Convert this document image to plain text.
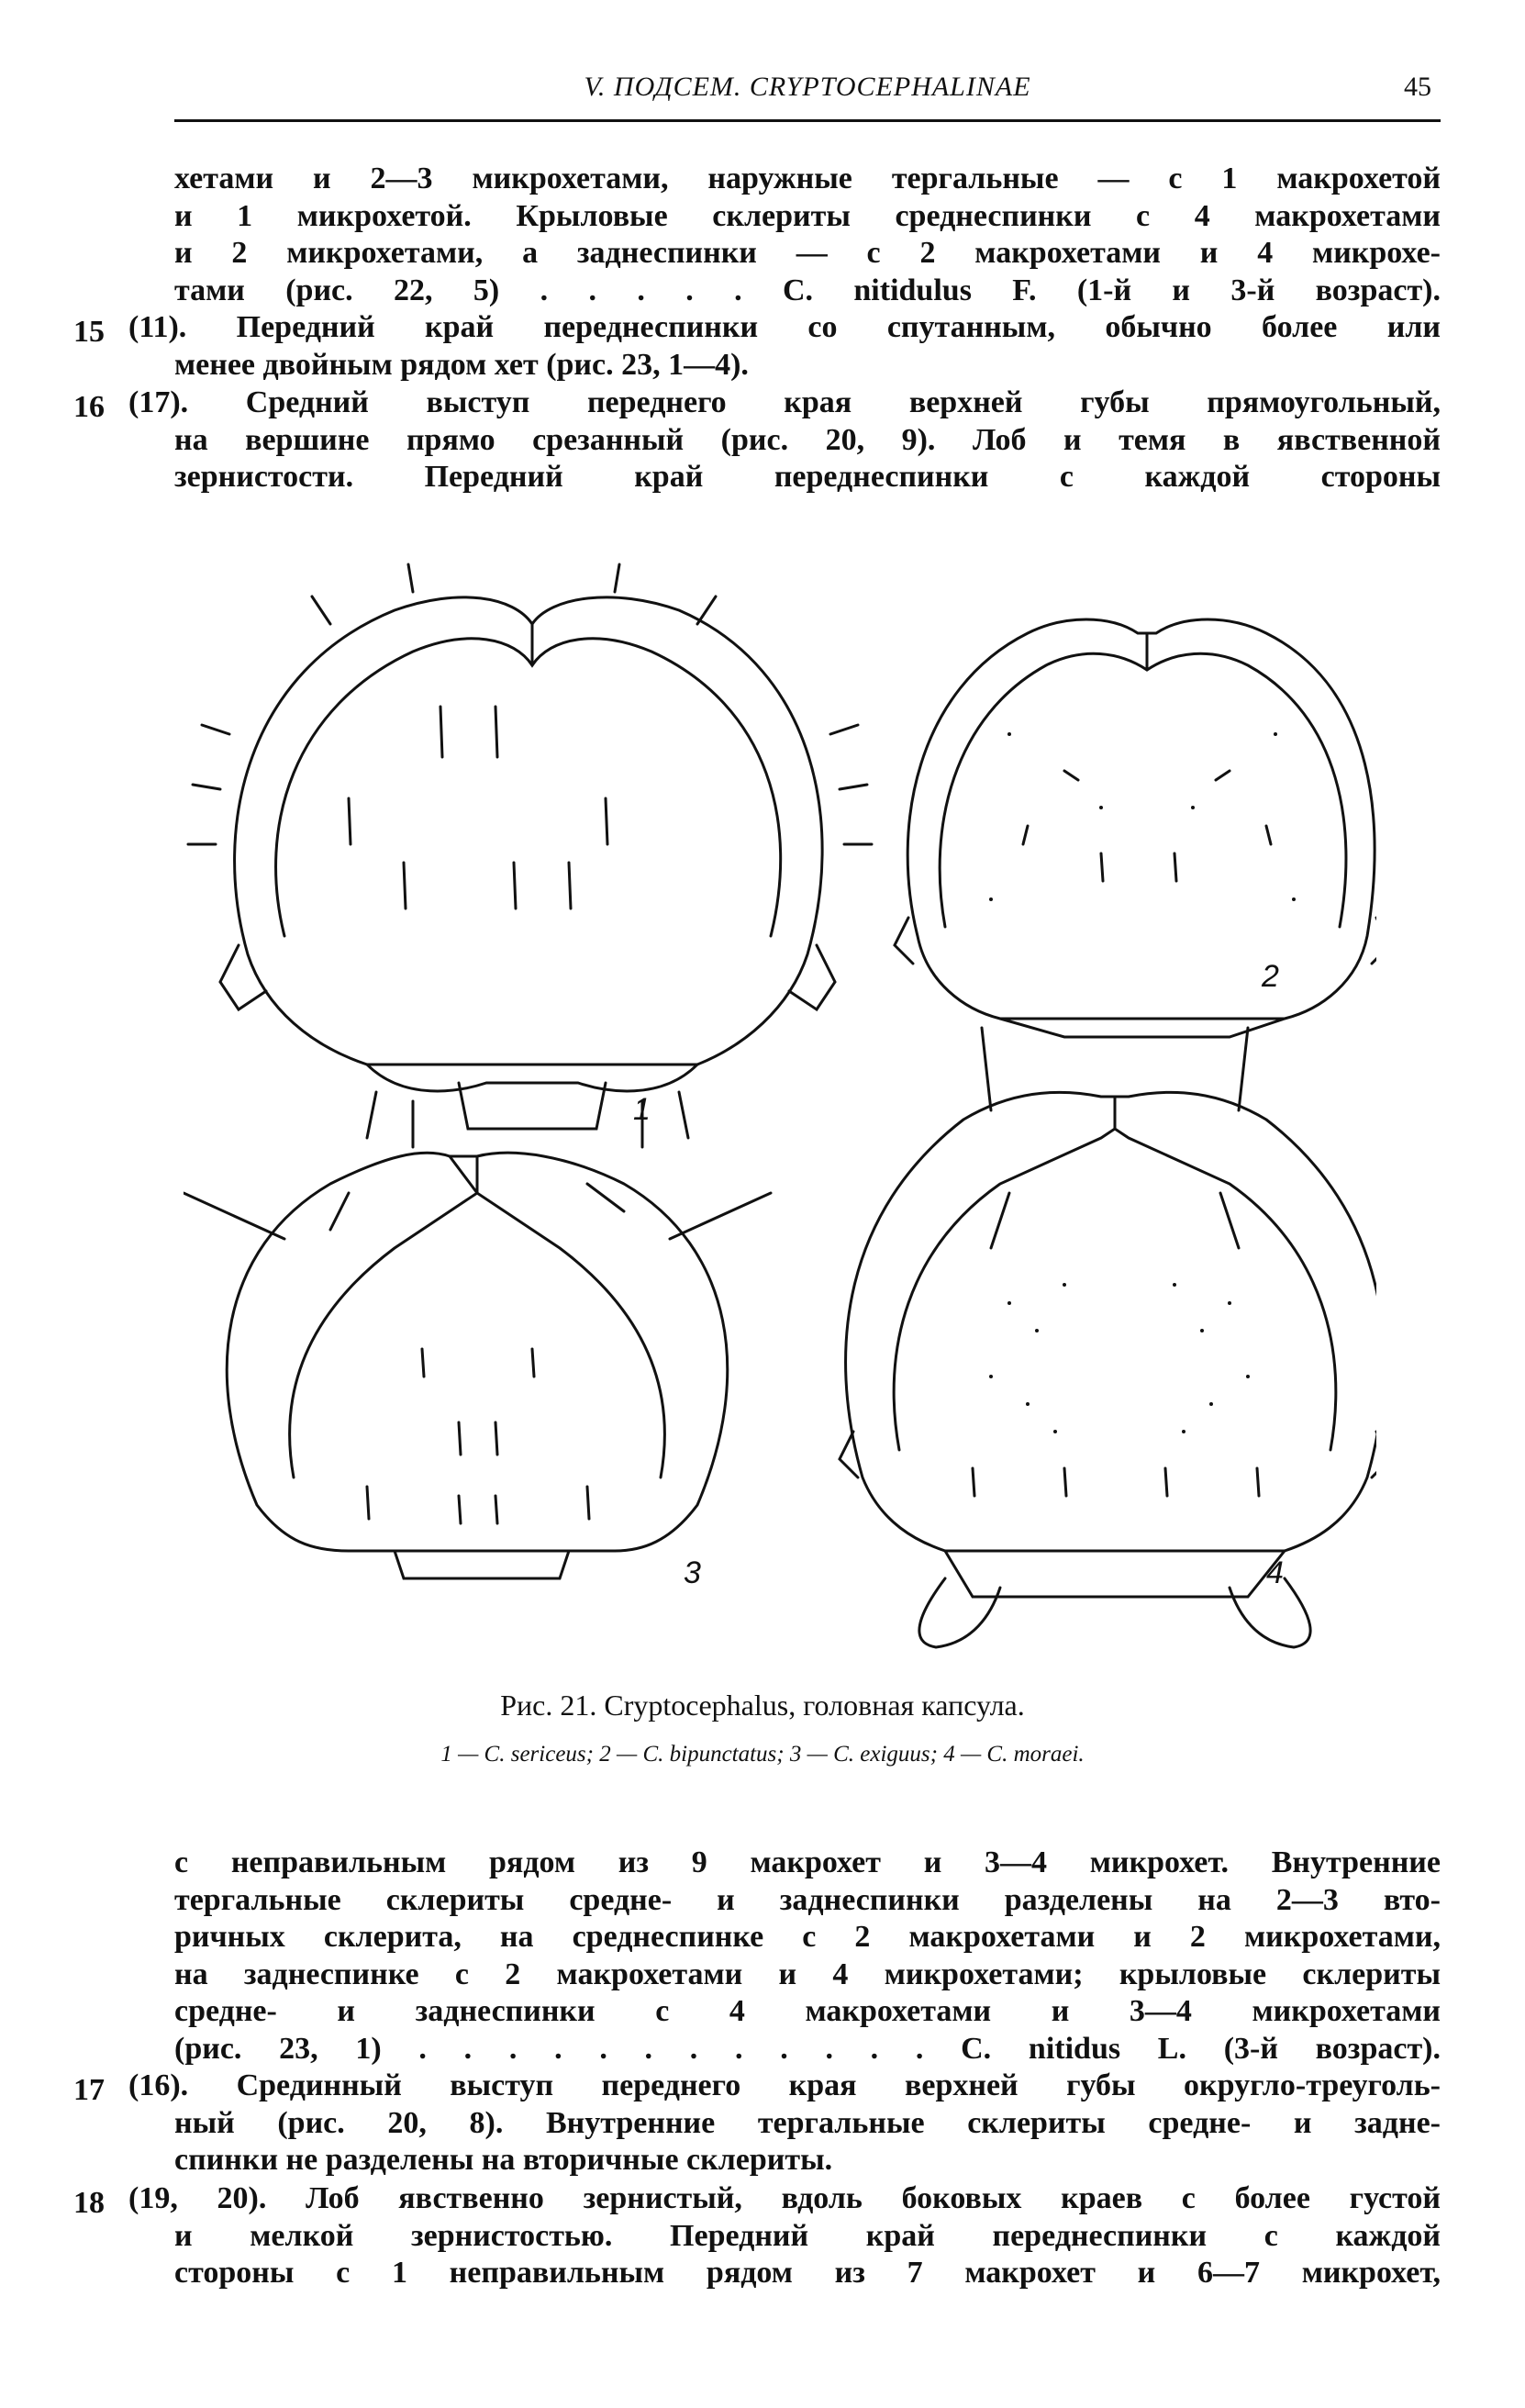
V. ПОДСЕМ. CRYPTOCEPHALINAE	45
хетами и 2—3 микрохетами, наружные тергальные — с 1 макрохетой
и 1 микрохетой. Крыловые склериты среднеспинки с 4 макрохетами
и 2 микрохетами, а заднеспинки — с 2 макрохетами и 4 микрохе-
тами (рис. 22, 5) . . . . . C. nitidulus F. (1-й и 3-й возраст).
15 (11). Передний край переднеспинки со спутанным, обычно более или
менее двойным рядом хет (рис. 23, 1—4).
16 (17). Средний выступ переднего края верхней губы прямоугольный,
на вершине прямо срезанный (рис. 20, 9). Лоб и темя в явственной
зернистости. Передний край переднеспинки с каждой стороны
1
2
3	4
Рис. 21. Cryptocephalus, головная капсула.
1 — C. sericeus; 2 — C. bipunctatus; 3 — C. exiguus; 4 — C. moraei.
с неправильным рядом из 9 макрохет и 3—4 микрохет. Внутренние
тергальные склериты средне- и заднеспинки разделены на 2—3 вто-
ричных склерита, на среднеспинке с 2 макрохетами и 2 микрохетами,
на заднеспинке с 2 макрохетами и 4 микрохетами; крыловые склериты
средне- и заднеспинки с 4 макрохетами и 3—4 микрохетами
(рис. 23, 1) . . . . . . . . . . . . C. nitidus L. (3-й возраст).
17 (16). Срединный выступ переднего края верхней губы округло-треуголь-
ный (рис. 20, 8). Внутренние тергальные склериты средне- и задне-
спинки не разделены на вторичные склериты.
18 (19, 20). Лоб явственно зернистый, вдоль боковых краев с более густой
и мелкой зернистостью. Передний край переднеспинки с каждой
стороны с 1 неправильным рядом из 7 макрохет и 6—7 микрохет,
